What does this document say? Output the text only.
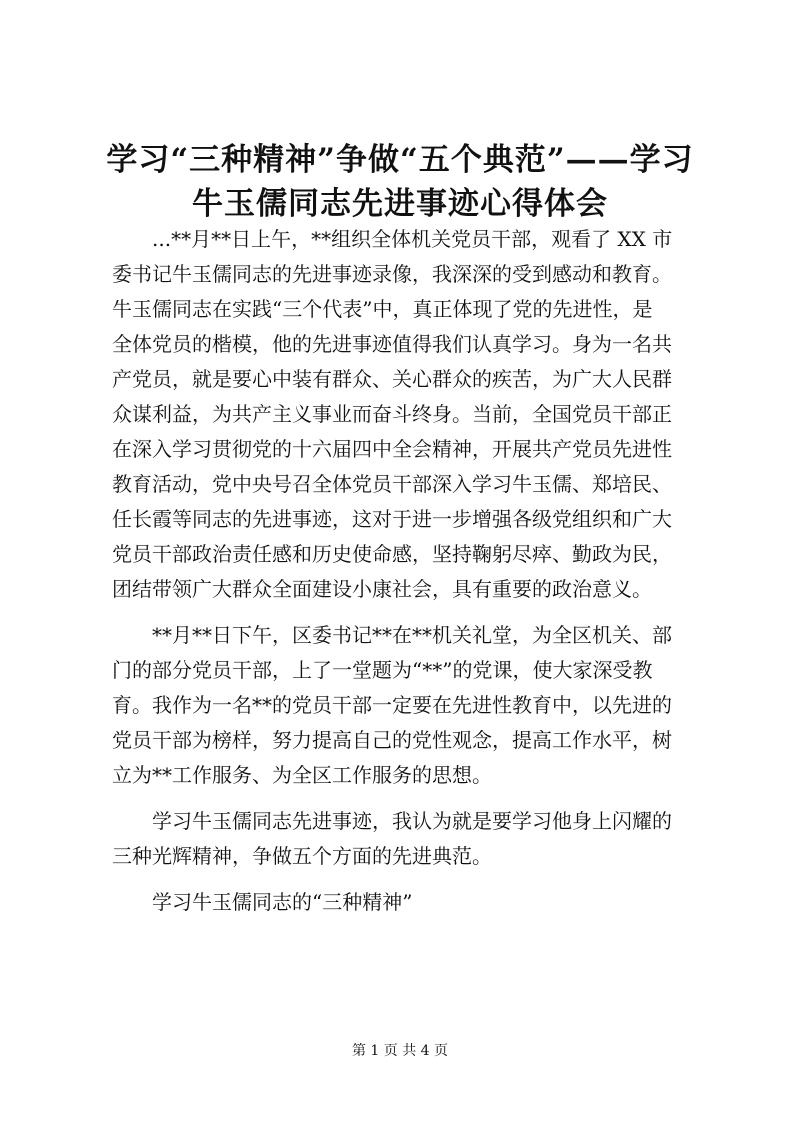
学习“三种精神”争做“五个典范”——学习
牛玉儒同志先进事迹心得体会
　　...**月**日上午，**组织全体机关党员干部，观看了 XX 市
委书记牛玉儒同志的先进事迹录像，我深深的受到感动和教育。
牛玉儒同志在实践“三个代表”中，真正体现了党的先进性，是
全体党员的楷模，他的先进事迹值得我们认真学习。身为一名共
产党员，就是要心中装有群众、关心群众的疾苦，为广大人民群
众谋利益，为共产主义事业而奋斗终身。当前，全国党员干部正
在深入学习贯彻党的十六届四中全会精神，开展共产党员先进性
教育活动，党中央号召全体党员干部深入学习牛玉儒、郑培民、
任长霞等同志的先进事迹，这对于进一步增强各级党组织和广大
党员干部政治责任感和历史使命感，坚持鞠躬尽瘁、勤政为民，
团结带领广大群众全面建设小康社会，具有重要的政治意义。
　　**月**日下午，区委书记**在**机关礼堂，为全区机关、部
门的部分党员干部，上了一堂题为“**”的党课，使大家深受教
育。我作为一名**的党员干部一定要在先进性教育中，以先进的
党员干部为榜样，努力提高自己的党性观念，提高工作水平，树
立为**工作服务、为全区工作服务的思想。
　　学习牛玉儒同志先进事迹，我认为就是要学习他身上闪耀的
三种光辉精神，争做五个方面的先进典范。
　　学习牛玉儒同志的“三种精神”
第 1 页 共 4 页
